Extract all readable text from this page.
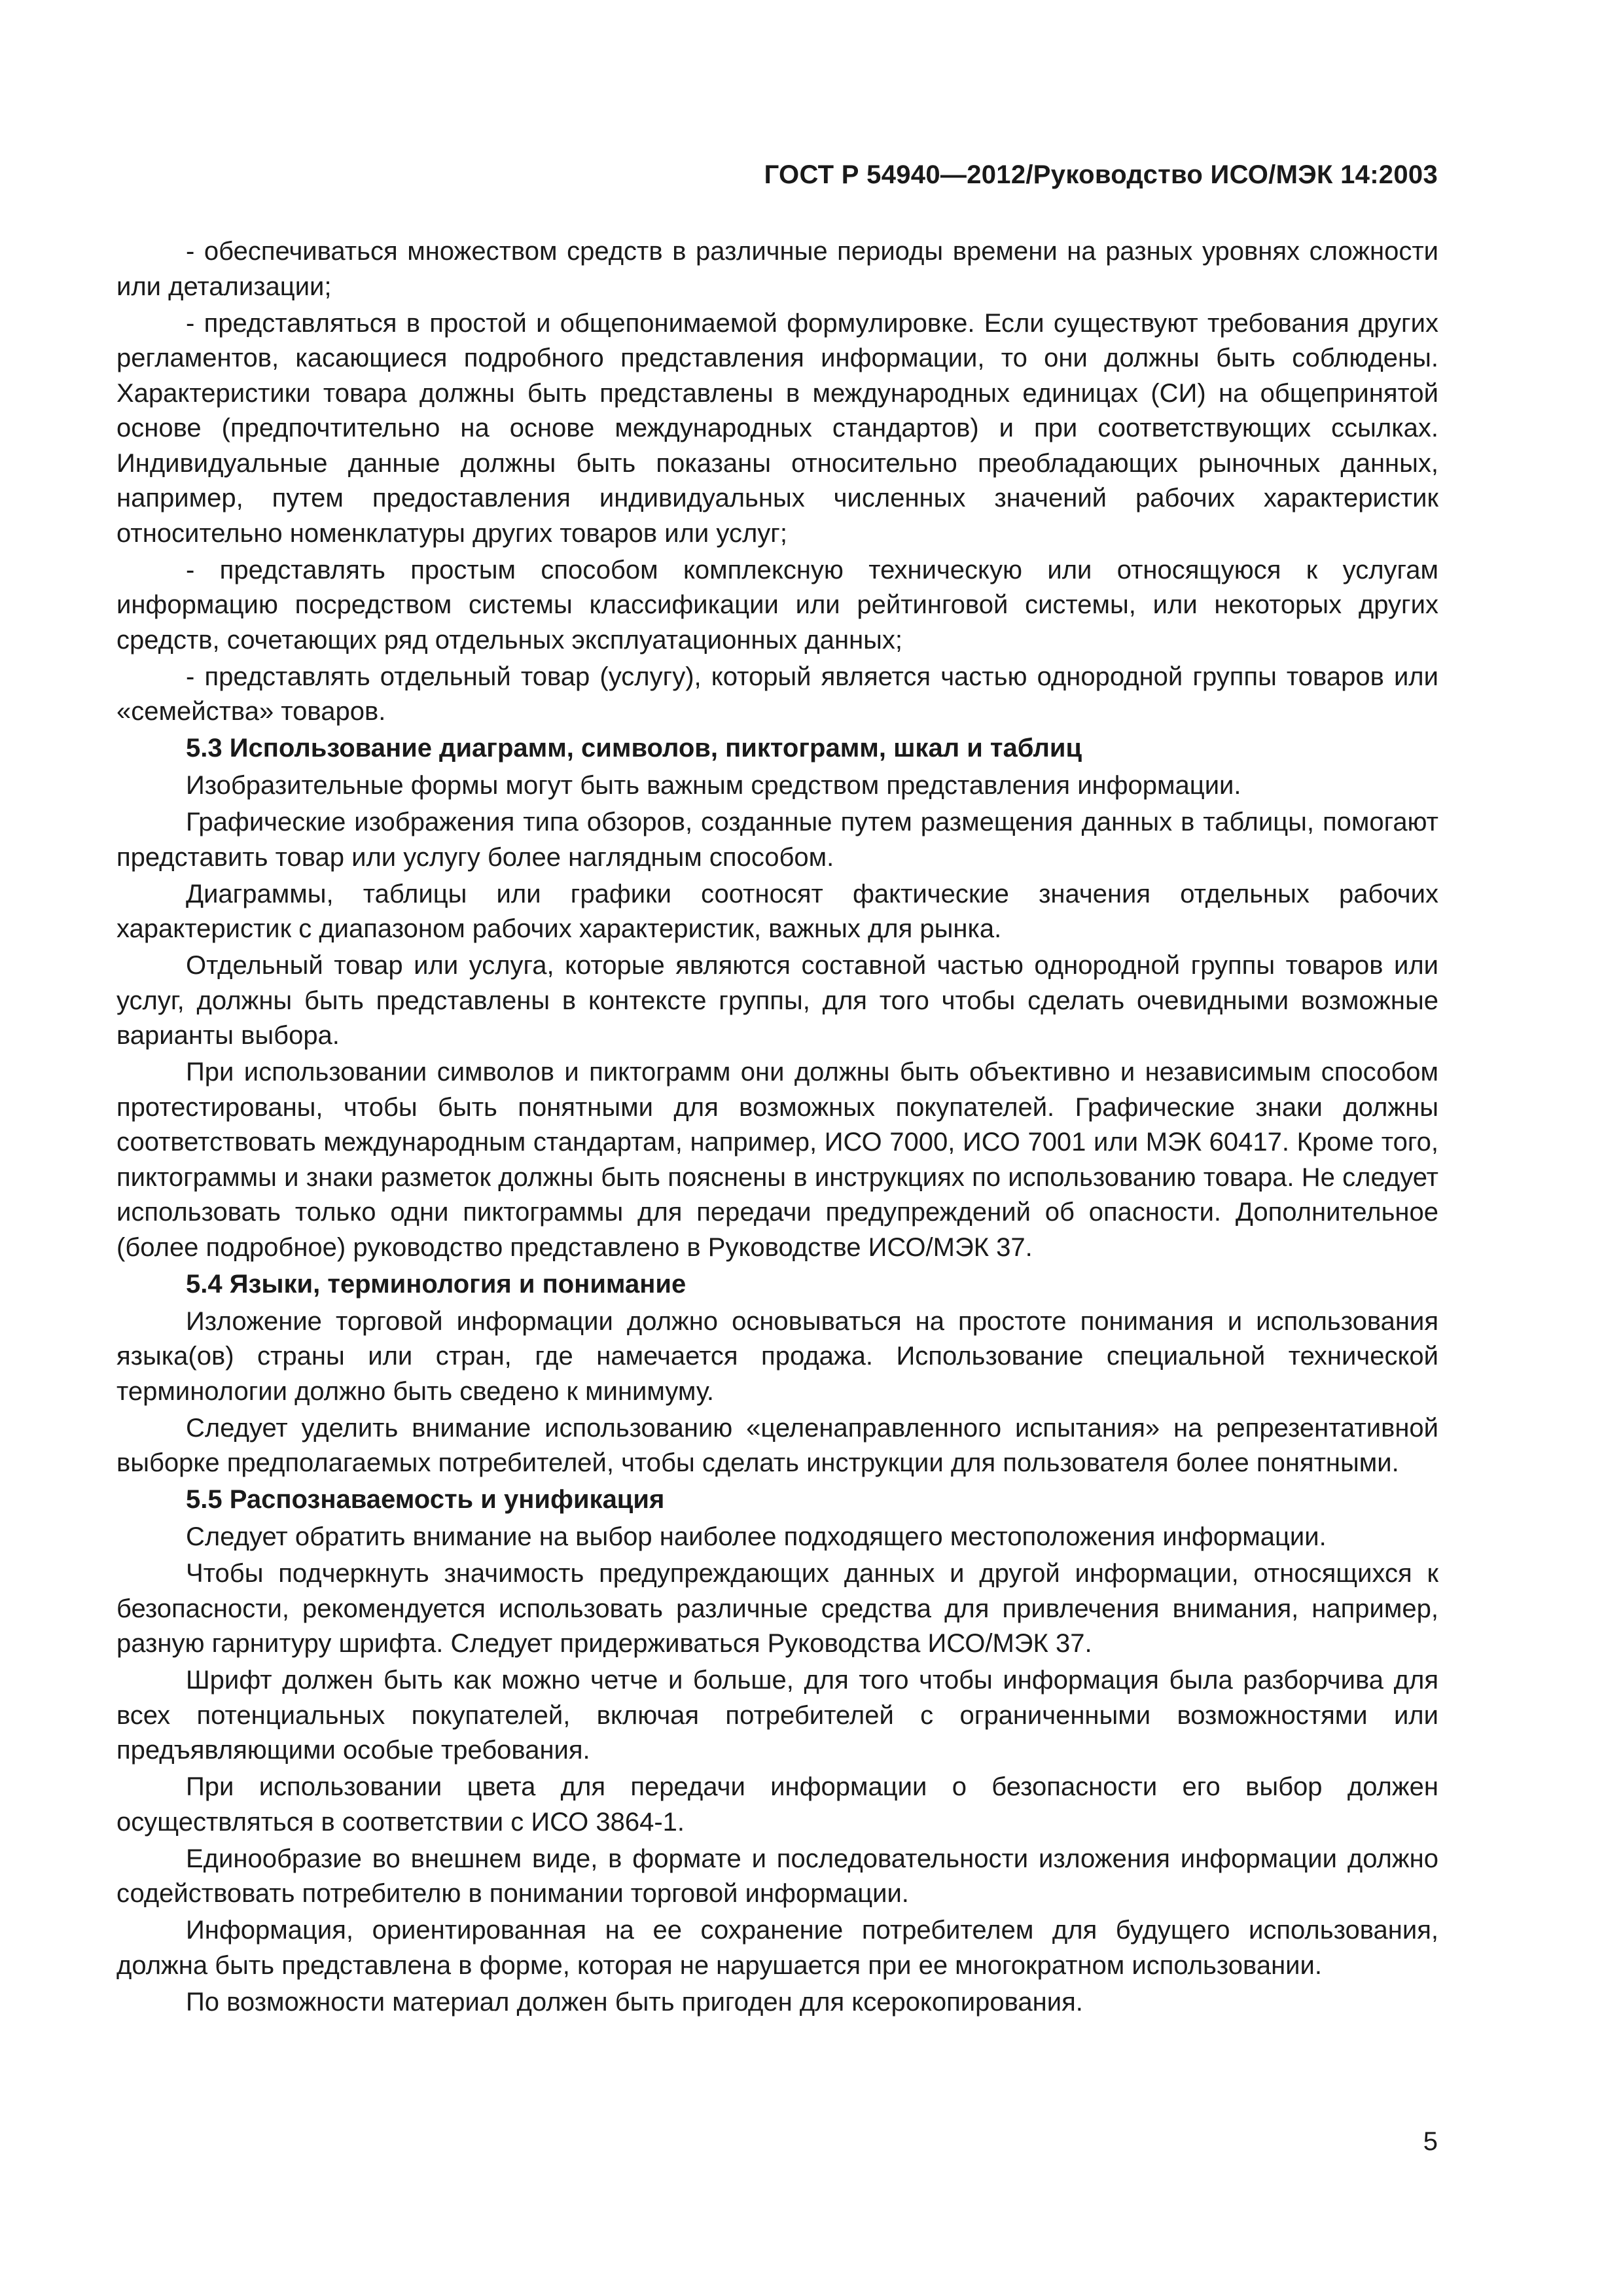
ГОСТ Р 54940—2012/Руководство ИСО/МЭК 14:2003

- обеспечиваться множеством средств в различные периоды времени на разных уровнях сложности или детализации;

- представляться в простой и общепонимаемой формулировке. Если существуют требования других регламентов, касающиеся подробного представления информации, то они должны быть соблюдены. Характеристики товара должны быть представлены в международных единицах (СИ) на общепринятой основе (предпочтительно на основе международных стандартов) и при соответствующих ссылках. Индивидуальные данные должны быть показаны относительно преобладающих рыночных данных, например, путем предоставления индивидуальных численных значений рабочих характеристик относительно номенклатуры других товаров или услуг;

- представлять простым способом комплексную техническую или относящуюся к услугам информацию посредством системы классификации или рейтинговой системы, или некоторых других средств, сочетающих ряд отдельных эксплуатационных данных;

- представлять отдельный товар (услугу), который является частью однородной группы товаров или «семейства» товаров.

5.3 Использование диаграмм, символов, пиктограмм, шкал и таблиц

Изобразительные формы могут быть важным средством представления информации.

Графические изображения типа обзоров, созданные путем размещения данных в таблицы, помогают представить товар или услугу более наглядным способом.

Диаграммы, таблицы или графики соотносят фактические значения отдельных рабочих характеристик с диапазоном рабочих характеристик, важных для рынка.

Отдельный товар или услуга, которые являются составной частью однородной группы товаров или услуг, должны быть представлены в контексте группы, для того чтобы сделать очевидными возможные варианты выбора.

При использовании символов и пиктограмм они должны быть объективно и независимым способом протестированы, чтобы быть понятными для возможных покупателей. Графические знаки должны соответствовать международным стандартам, например, ИСО 7000, ИСО 7001 или МЭК 60417. Кроме того, пиктограммы и знаки разметок должны быть пояснены в инструкциях по использованию товара. Не следует использовать только одни пиктограммы для передачи предупреждений об опасности. Дополнительное (более подробное) руководство представлено в Руководстве ИСО/МЭК 37.

5.4 Языки, терминология и понимание

Изложение торговой информации должно основываться на простоте понимания и использования языка(ов) страны или стран, где намечается продажа. Использование специальной технической терминологии должно быть сведено к минимуму.

Следует уделить внимание использованию «целенаправленного испытания» на репрезентативной выборке предполагаемых потребителей, чтобы сделать инструкции для пользователя более понятными.

5.5 Распознаваемость и унификация

Следует обратить внимание на выбор наиболее подходящего местоположения информации.

Чтобы подчеркнуть значимость предупреждающих данных и другой информации, относящихся к безопасности, рекомендуется использовать различные средства для привлечения внимания, например, разную гарнитуру шрифта. Следует придерживаться Руководства ИСО/МЭК 37.

Шрифт должен быть как можно четче и больше, для того чтобы информация была разборчива для всех потенциальных покупателей, включая потребителей с ограниченными возможностями или предъявляющими особые требования.

При использовании цвета для передачи информации о безопасности его выбор должен осуществляться в соответствии с ИСО 3864-1.

Единообразие во внешнем виде, в формате и последовательности изложения информации должно содействовать потребителю в понимании торговой информации.

Информация, ориентированная на ее сохранение потребителем для будущего использования, должна быть представлена в форме, которая не нарушается при ее многократном использовании.

По возможности материал должен быть пригоден для ксерокопирования.

5
